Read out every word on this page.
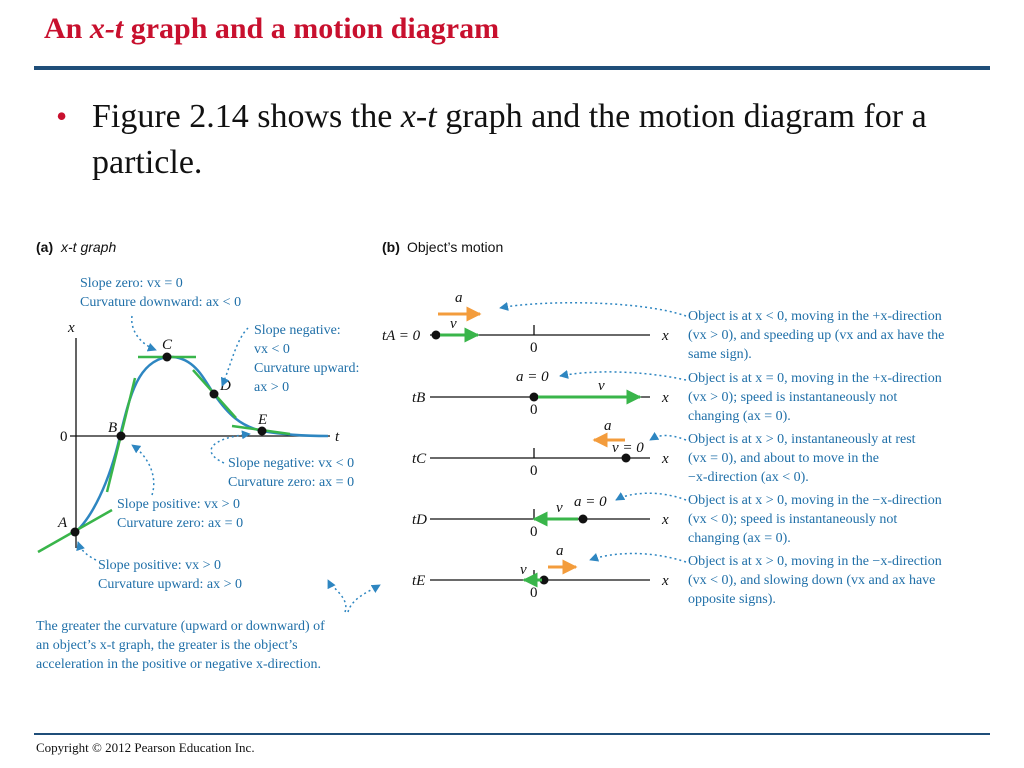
An x-t graph and a motion diagram
• Figure 2.14 shows the x-t graph and the motion diagram for a particle.
(a) x-t graph
x
t
0
A
B
C
D
E
Slope zero: vx = 0 Curvature downward: ax < 0
Slope negative: vx < 0 Curvature upward: ax > 0
Slope negative: vx < 0 Curvature zero: ax = 0
Slope positive: vx > 0 Curvature zero: ax = 0
Slope positive: vx > 0 Curvature upward: ax > 0
The greater the curvature (upward or downward) of an object’s x-t graph, the greater is the object’s acceleration in the positive or negative x-direction.
(b) Object’s motion
tA = 0
0
x
a
v	Object is at x < 0, moving in the +x-direction (vx > 0), and speeding up (vx and ax have the same sign).
tB
0
x
a = 0
v	Object is at x = 0, moving in the +x-direction (vx > 0); speed is instantaneously not changing (ax = 0).
tC
0
x
a
v = 0
Object is at x > 0, instantaneously at rest (vx = 0), and about to move in the −x-direction (ax < 0).
tD
0
x
a = 0
v	Object is at x > 0, moving in the −x-direction (vx < 0); speed is instantaneously not changing (ax = 0).
tE
0
x
a
v
Object is at x > 0, moving in the −x-direction (vx < 0), and slowing down (vx and ax have opposite signs).
Copyright © 2012 Pearson Education Inc.
